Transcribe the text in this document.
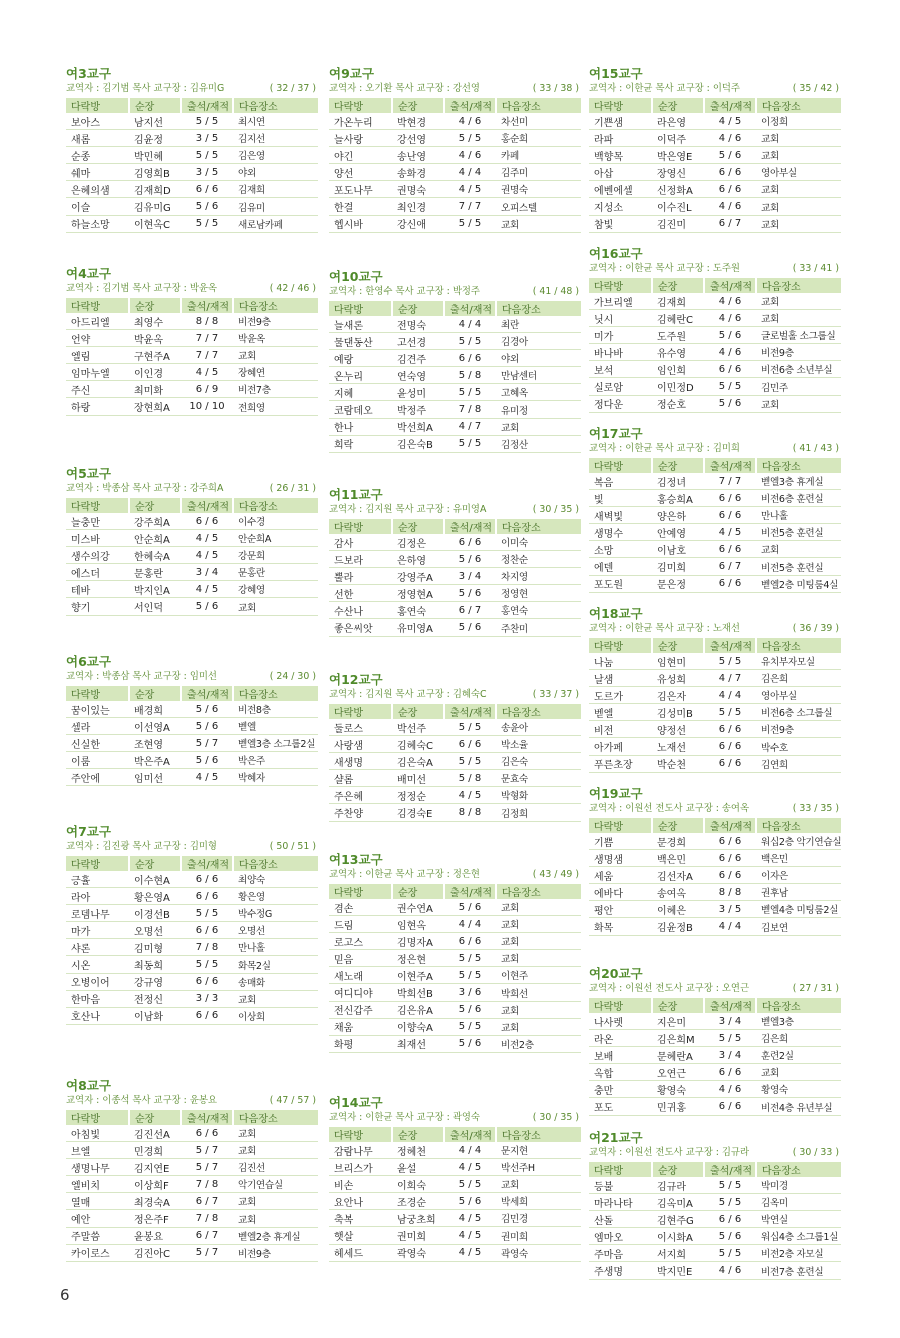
여3교구
교역자 : 김기범 목사 교구장 : 김유미G	( 32 / 37 )
다락방	순장	출석/재적	다음장소
보아스	남지선	5 / 5	최시연
새롬	김윤정	3 / 5	김지선
순종	박민혜	5 / 5	김은영
쉐마	김영희B	3 / 5	야외
은혜의샘	김재희D	6 / 6	김재희
이슬	김유미G	5 / 6	김유미
하늘소망	이현옥C	5 / 5	새로남카페
여4교구
교역자 : 김기범 목사 교구장 : 박윤옥	( 42 / 46 )
다락방	순장	출석/재적	다음장소
아드리엘	최영수	8 / 8	비전9층
언약	박윤옥	7 / 7	박윤옥
엘림	구현주A	7 / 7	교회
임마누엘	이인경	4 / 5	장혜연
주신	최미화	6 / 9	비전7층
하랑	장현희A	10 / 10	전희영
여5교구
교역자 : 박종삼 목사 교구장 : 강주희A	( 26 / 31 )
다락방	순장	출석/재적	다음장소
늘충만	강주희A	6 / 6	이수경
미스바	안순희A	4 / 5	안순희A
생수의강	한혜숙A	4 / 5	강문희
에스더	문홍란	3 / 4	문홍란
테바	박지인A	4 / 5	강혜영
향기	서인덕	5 / 6	교회
여6교구
교역자 : 박종삼 목사 교구장 : 임미선	( 24 / 30 )
다락방	순장	출석/재적	다음장소
꿈이있는	배경희	5 / 6	비전8층
셀라	이선영A	5 / 6	벧엘
신실한	조현영	5 / 7	벧엘3층 소그룹2실
이룸	박은주A	5 / 6	박은주
주안에	임미선	4 / 5	박혜자
여7교구
교역자 : 김진광 목사 교구장 : 김미형	( 50 / 51 )
다락방	순장	출석/재적	다음장소
긍휼	이수현A	6 / 6	최양숙
라아	황은영A	6 / 6	황은영
로뎀나무	이경선B	5 / 5	박수정G
마가	오명선	6 / 6	오명선
샤론	김미형	7 / 8	만나홀
시온	최동희	5 / 5	화목2실
오병이어	강규영	6 / 6	송매화
한마음	전정신	3 / 3	교회
호산나	이남화	6 / 6	이상희
여8교구
교역자 : 이종석 목사 교구장 : 윤봉요	( 47 / 57 )
다락방	순장	출석/재적	다음장소
아침빛	김진선A	6 / 6	교회
브엘	민경희	5 / 7	교회
생명나무	김지연E	5 / 7	김진선
엘비치	이상희F	7 / 8	악기연습실
열매	최경숙A	6 / 7	교회
예안	정은주F	7 / 8	교회
주말씀	윤봉요	6 / 7	벧엘2층 휴게실
카이로스	김진아C	5 / 7	비전9층
여9교구
교역자 : 오기환 목사 교구장 : 강선영	( 33 / 38 )
다락방	순장	출석/재적	다음장소
가온누리	박현경	4 / 6	차선미
늘사랑	강선영	5 / 5	홍순희
야긴	송난영	4 / 6	카페
양선	송화경	4 / 4	김주미
포도나무	권명숙	4 / 5	권명숙
한결	최인경	7 / 7	오피스텔
헵시바	강신애	5 / 5	교회
여10교구
교역자 : 한영수 목사 교구장 : 박정주	( 41 / 48 )
다락방	순장	출석/재적	다음장소
늘새론	전명숙	4 / 4	최란
물댄동산	고선경	5 / 5	김경아
예랑	김견주	6 / 6	야외
온누리	연숙영	5 / 8	만남센터
지혜	윤성미	5 / 5	고혜옥
코람데오	박정주	7 / 8	유미정
한나	박선희A	4 / 7	교회
희락	김은숙B	5 / 5	김정산
여11교구
교역자 : 김지원 목사 교구장 : 유미영A	( 30 / 35 )
다락방	순장	출석/재적	다음장소
감사	김정은	6 / 6	이미숙
드보라	은하영	5 / 6	정찬순
뿔라	강영주A	3 / 4	차지영
선한	정영현A	5 / 6	정영현
수산나	홍연숙	6 / 7	홍연숙
좋은씨앗	유미영A	5 / 6	주찬미
여12교구
교역자 : 김지원 목사 교구장 : 김혜숙C	( 33 / 37 )
다락방	순장	출석/재적	다음장소
둘로스	박선주	5 / 5	송윤아
사랑샘	김혜숙C	6 / 6	박소율
새생명	김은숙A	5 / 5	김은숙
샬롬	배미선	5 / 8	문효숙
주은혜	정정순	4 / 5	박형화
주찬양	김경숙E	8 / 8	김정희
여13교구
교역자 : 이한균 목사 교구장 : 정은현	( 43 / 49 )
다락방	순장	출석/재적	다음장소
겸손	권수연A	5 / 6	교회
드림	임현옥	4 / 4	교회
로고스	김명자A	6 / 6	교회
믿음	정은현	5 / 5	교회
새노래	이현주A	5 / 5	이현주
여디디야	박희선B	3 / 6	박희선
전신갑주	김은유A	5 / 6	교회
채움	이향숙A	5 / 5	교회
화평	최재선	5 / 6	비전2층
여14교구
교역자 : 이한균 목사 교구장 : 곽영숙	( 30 / 35 )
다락방	순장	출석/재적	다음장소
감람나무	정혜천	4 / 4	문지현
브리스가	윤설	4 / 5	박선주H
비손	이희숙	5 / 5	교회
요안나	조경순	5 / 6	박세희
축복	남궁초희	4 / 5	김민경
햇살	권미희	4 / 5	권미희
헤세드	곽영숙	4 / 5	곽영숙
여15교구
교역자 : 이한균 목사 교구장 : 이덕주	( 35 / 42 )
다락방	순장	출석/재적	다음장소
기쁜샘	라은영	4 / 5	이정희
라파	이덕주	4 / 6	교회
백향목	박은영E	5 / 6	교회
아삽	장영신	6 / 6	영아부실
에벤에셀	신정화A	6 / 6	교회
지성소	이수진L	4 / 6	교회
참빛	김진미	6 / 7	교회
여16교구
교역자 : 이한균 목사 교구장 : 도주원	( 33 / 41 )
다락방	순장	출석/재적	다음장소
가브리엘	김재희	4 / 6	교회
닛시	김혜란C	4 / 6	교회
미가	도주원	5 / 6	글로벌홀 소그룹실
바나바	유수영	4 / 6	비전9층
보석	임인희	6 / 6	비전6층 소년부실
실로암	이민정D	5 / 5	김민주
정다운	정순호	5 / 6	교회
여17교구
교역자 : 이한균 목사 교구장 : 김미희	( 41 / 43 )
다락방	순장	출석/재적	다음장소
복음	김정녀	7 / 7	벧엘3층 휴게실
빛	홍승희A	6 / 6	비전6층 훈련실
새벽빛	양은하	6 / 6	만나홀
생명수	안예영	4 / 5	비전5층 훈련실
소망	이남호	6 / 6	교회
에덴	김미희	6 / 7	비전5층 훈련실
포도원	문은정	6 / 6	벧엘2층 미팅룸4실
여18교구
교역자 : 이한균 목사 교구장 : 노재선	( 36 / 39 )
다락방	순장	출석/재적	다음장소
나눔	임현미	5 / 5	유치부자모실
날샘	유성희	4 / 7	김은희
도르가	김은자	4 / 4	영아부실
벧엘	김성미B	5 / 5	비전6층 소그룹실
비전	양정선	6 / 6	비전9층
아가페	노재선	6 / 6	박수호
푸른초장	박순천	6 / 6	김연희
여19교구
교역자 : 이원선 전도사 교구장 : 송여옥	( 33 / 35 )
다락방	순장	출석/재적	다음장소
기쁨	문경희	6 / 6	워십2층 악기연습실
생명샘	백은민	6 / 6	백은민
세움	김선자A	6 / 6	이자은
에바다	송여옥	8 / 8	권후남
평안	이혜은	3 / 5	벧엘4층 미팅룸2실
화목	김윤정B	4 / 4	김보연
여20교구
교역자 : 이원선 전도사 교구장 : 오연근	( 27 / 31 )
다락방	순장	출석/재적	다음장소
나사렛	지은미	3 / 4	벧엘3층
라온	김은희M	5 / 5	김은희
보배	문혜란A	3 / 4	훈련2실
옥합	오연근	6 / 6	교회
충만	황영숙	4 / 6	황영숙
포도	민귀홍	6 / 6	비전4층 유년부실
여21교구
교역자 : 이원선 전도사 교구장 : 김규라	( 30 / 33 )
다락방	순장	출석/재적	다음장소
등불	김규라	5 / 5	박미경
마라나타	김옥미A	5 / 5	김옥미
산돌	김현주G	6 / 6	박연실
엠마오	이시화A	5 / 6	워십4층 소그룹1실
주마음	서지희	5 / 5	비전2층 자모실
주생명	박지민E	4 / 6	비전7층 훈련실
6
